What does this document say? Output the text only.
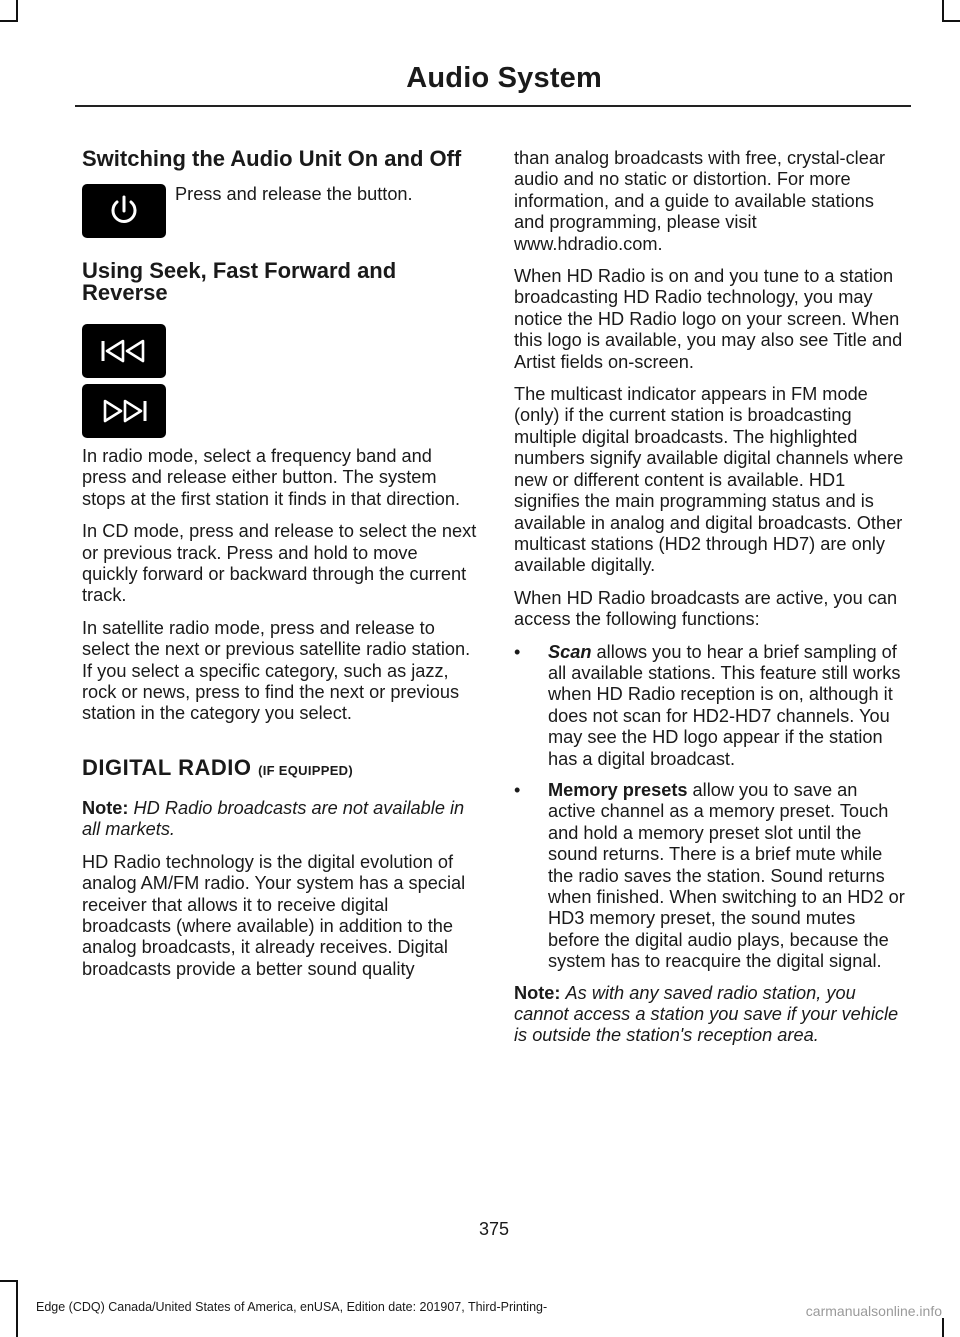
Audio System
Switching the Audio Unit On and Off
Press and release the button.
Using Seek, Fast Forward and Reverse

In radio mode, select a frequency band and press and release either button. The system stops at the first station it finds in that direction.

In CD mode, press and release to select the next or previous track. Press and hold to move quickly forward or backward through the current track.

In satellite radio mode, press and release to select the next or previous satellite radio station. If you select a specific category, such as jazz, rock or news, press to find the next or previous station in the category you select.

DIGITAL RADIO (IF EQUIPPED)

Note: HD Radio broadcasts are not available in all markets.

HD Radio technology is the digital evolution of analog AM/FM radio. Your system has a special receiver that allows it to receive digital broadcasts (where available) in addition to the analog broadcasts, it already receives. Digital broadcasts provide a better sound quality

than analog broadcasts with free, crystal-clear audio and no static or distortion. For more information, and a guide to available stations and programming, please visit www.hdradio.com.

When HD Radio is on and you tune to a station broadcasting HD Radio technology, you may notice the HD Radio logo on your screen. When this logo is available, you may also see Title and Artist fields on-screen.

The multicast indicator appears in FM mode (only) if the current station is broadcasting multiple digital broadcasts. The highlighted numbers signify available digital channels where new or different content is available. HD1 signifies the main programming status and is available in analog and digital broadcasts. Other multicast stations (HD2 through HD7) are only available digitally.

When HD Radio broadcasts are active, you can access the following functions:

• Scan allows you to hear a brief sampling of all available stations. This feature still works when HD Radio reception is on, although it does not scan for HD2-HD7 channels. You may see the HD logo appear if the station has a digital broadcast.
• Memory presets allow you to save an active channel as a memory preset. Touch and hold a memory preset slot until the sound returns. There is a brief mute while the radio saves the station. Sound returns when finished. When switching to an HD2 or HD3 memory preset, the sound mutes before the digital audio plays, because the system has to reacquire the digital signal.

Note: As with any saved radio station, you cannot access a station you save if your vehicle is outside the station's reception area.

375
Edge (CDQ) Canada/United States of America, enUSA, Edition date: 201907, Third-Printing-	carmanualsonline.info
